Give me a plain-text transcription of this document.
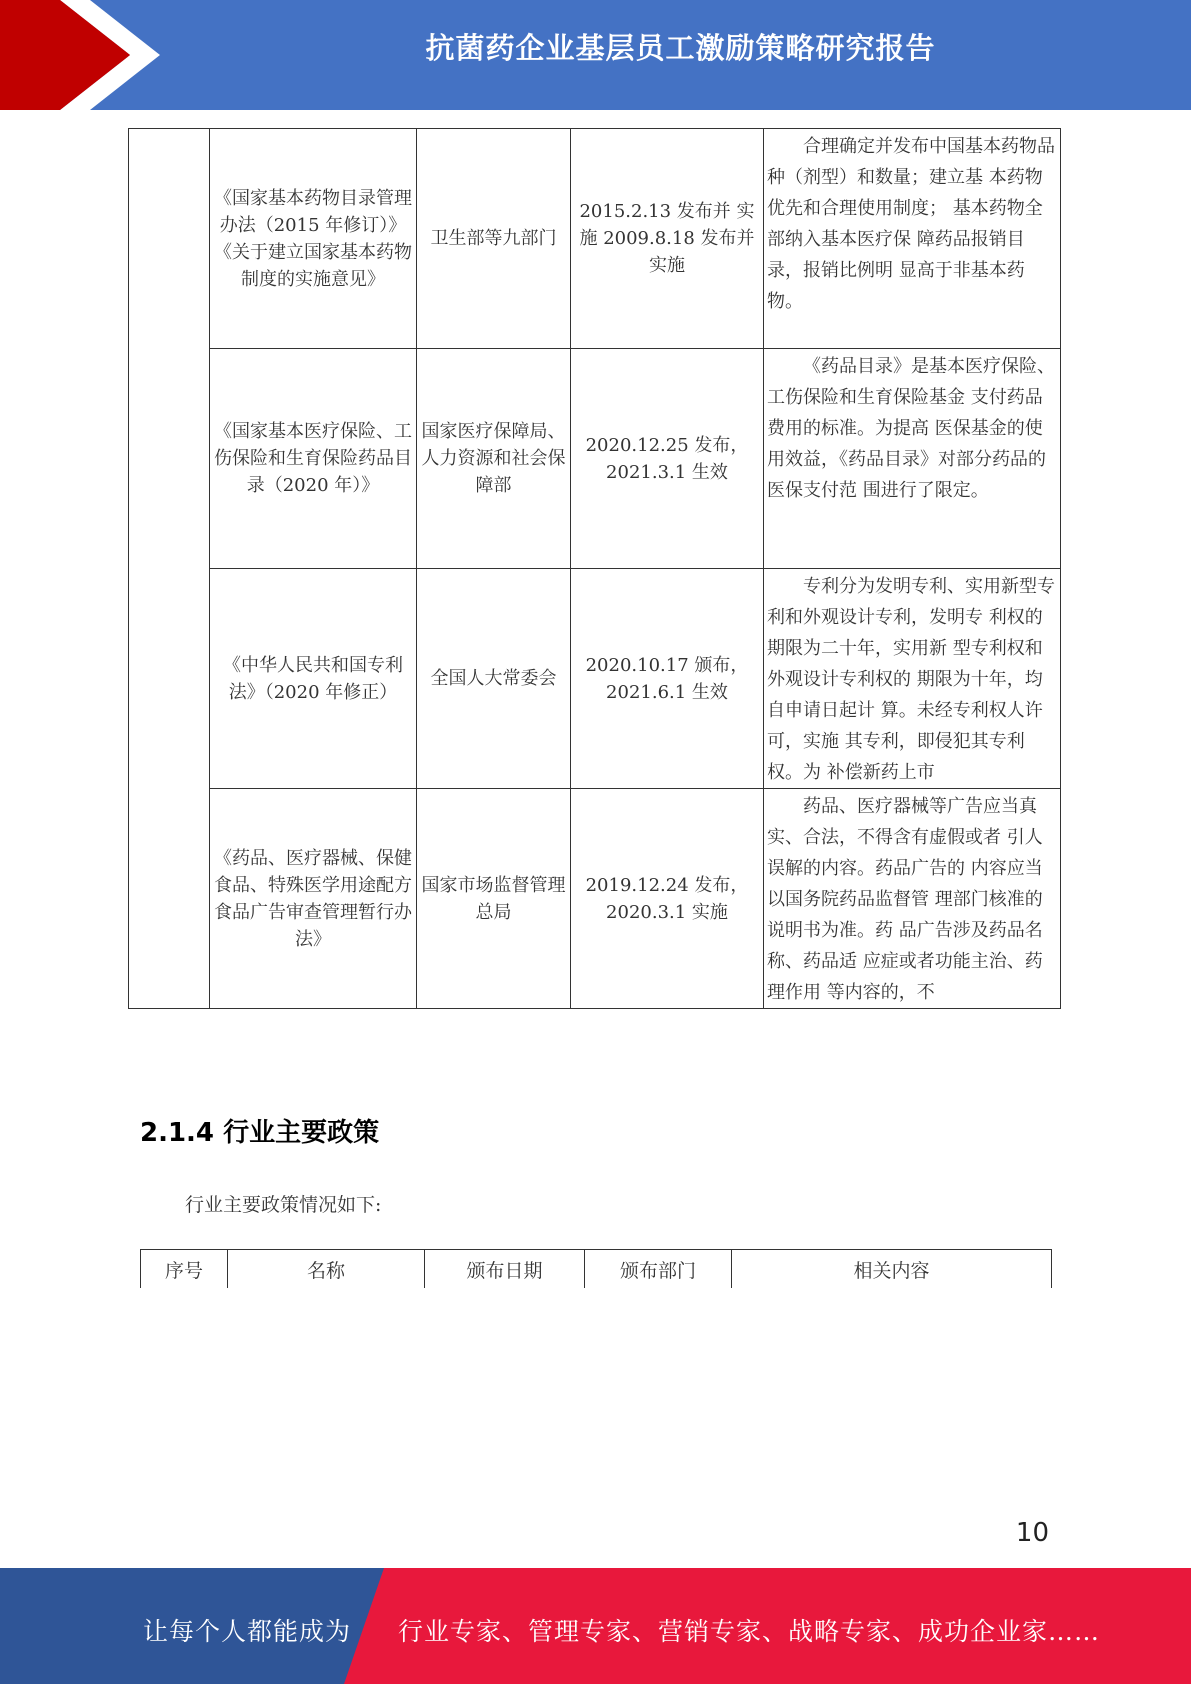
抗菌药企业基层员工激励策略研究报告
	《国家基本药物目录管理办法（2015 年修订）》《关于建立国家基本药物制度的实施意见》	卫生部等九部门	2015.2.13 发布并 实施 2009.8.18 发布并 实施	合理确定并发布中国基本药物品种（剂型）和数量；建立基 本药物优先和合理使用制度； 基本药物全部纳入基本医疗保 障药品报销目录，报销比例明 显高于非基本药物。
	《国家基本医疗保险、工伤保险和生育保险药品目录（2020 年）》	国家医疗保障局、人力资源和社会保障部	2020.12.25 发布，2021.3.1 生效	《药品目录》是基本医疗保险、工伤保险和生育保险基金 支付药品费用的标准。为提高 医保基金的使用效益，《药品目录》对部分药品的医保支付范 围进行了限定。
	《中华人民共和国专利法》（2020 年修正）	全国人大常委会	2020.10.17 颁布，2021.6.1 生效	专利分为发明专利、实用新型专利和外观设计专利，发明专 利权的期限为二十年，实用新 型专利权和外观设计专利权的 期限为十年，均自申请日起计 算。未经专利权人许可，实施 其专利，即侵犯其专利权。为 补偿新药上市
	《药品、医疗器械、保健食品、特殊医学用途配方食品广告审查管理暂行办法》	国家市场监督管理总局	2019.12.24 发布，2020.3.1 实施	药品、医疗器械等广告应当真实、合法，不得含有虚假或者 引人误解的内容。药品广告的 内容应当以国务院药品监督管 理部门核准的说明书为准。药 品广告涉及药品名称、药品适 应症或者功能主治、药理作用 等内容的，不
2.1.4 行业主要政策
行业主要政策情况如下:
序号	名称	颁布日期	颁布部门	相关内容
10
让每个人都能成为 行业专家、管理专家、营销专家、战略专家、成功企业家……
